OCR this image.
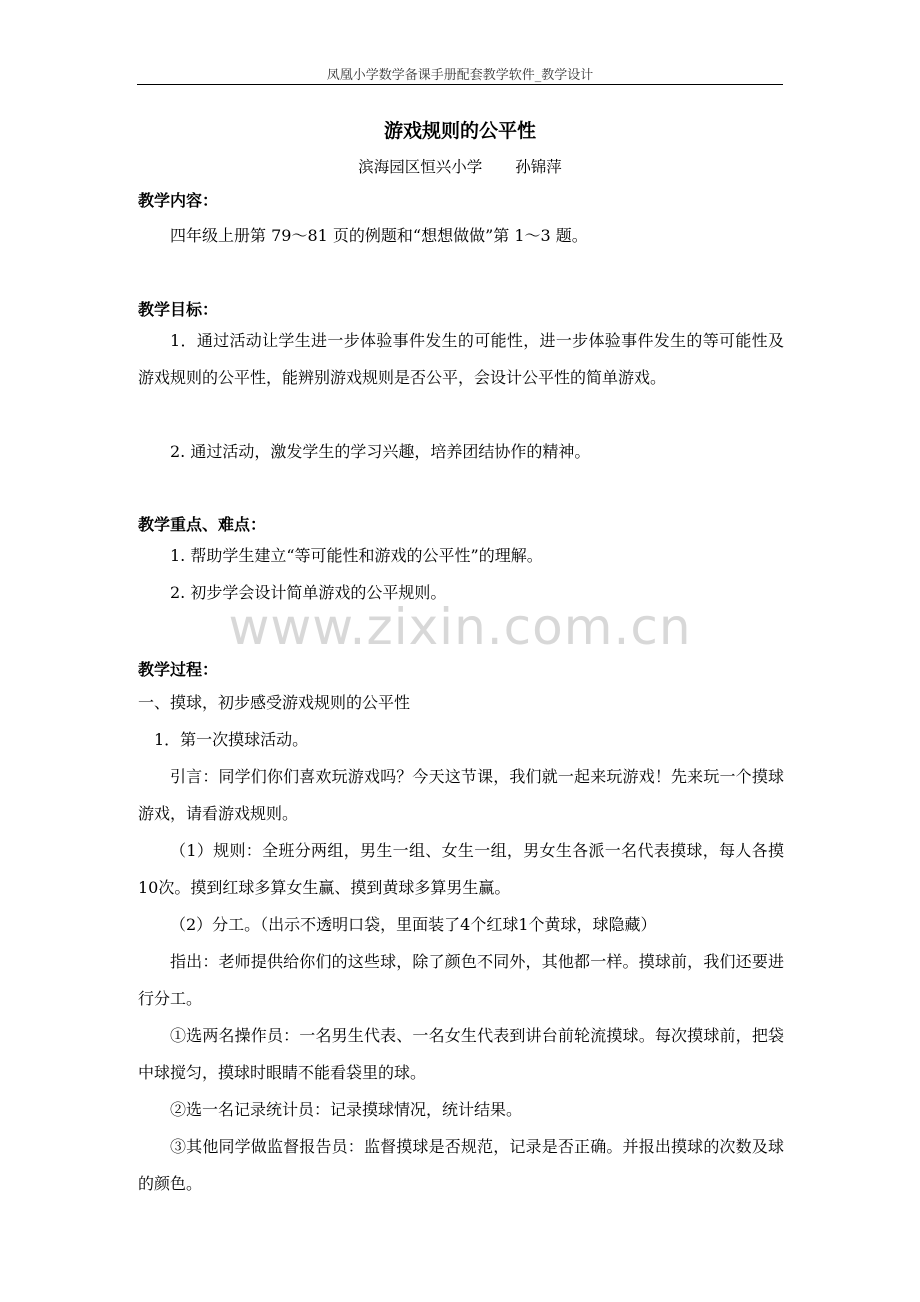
凤凰小学数学备课手册配套教学软件_教学设计
游戏规则的公平性
滨海园区恒兴小学 孙锦萍
教学内容：
四年级上册第 79～81 页的例题和“想想做做”第 1～3 题。
教学目标：
1．通过活动让学生进一步体验事件发生的可能性，进一步体验事件发生的等可能性及游戏规则的公平性，能辨别游戏规则是否公平，会设计公平性的简单游戏。
2. 通过活动，激发学生的学习兴趣，培养团结协作的精神。
教学重点、难点：
1. 帮助学生建立“等可能性和游戏的公平性”的理解。
2. 初步学会设计简单游戏的公平规则。
www.zixin.com.cn
教学过程：
一、摸球，初步感受游戏规则的公平性
1．第一次摸球活动。
引言：同学们你们喜欢玩游戏吗？今天这节课，我们就一起来玩游戏！先来玩一个摸球游戏，请看游戏规则。
（1）规则：全班分两组，男生一组、女生一组，男女生各派一名代表摸球，每人各摸10次。摸到红球多算女生赢、摸到黄球多算男生赢。
（2）分工。（出示不透明口袋，里面装了4个红球1个黄球，球隐藏）
指出：老师提供给你们的这些球，除了颜色不同外，其他都一样。摸球前，我们还要进行分工。
①选两名操作员：一名男生代表、一名女生代表到讲台前轮流摸球。每次摸球前，把袋中球搅匀，摸球时眼睛不能看袋里的球。
②选一名记录统计员：记录摸球情况，统计结果。
③其他同学做监督报告员：监督摸球是否规范，记录是否正确。并报出摸球的次数及球的颜色。
